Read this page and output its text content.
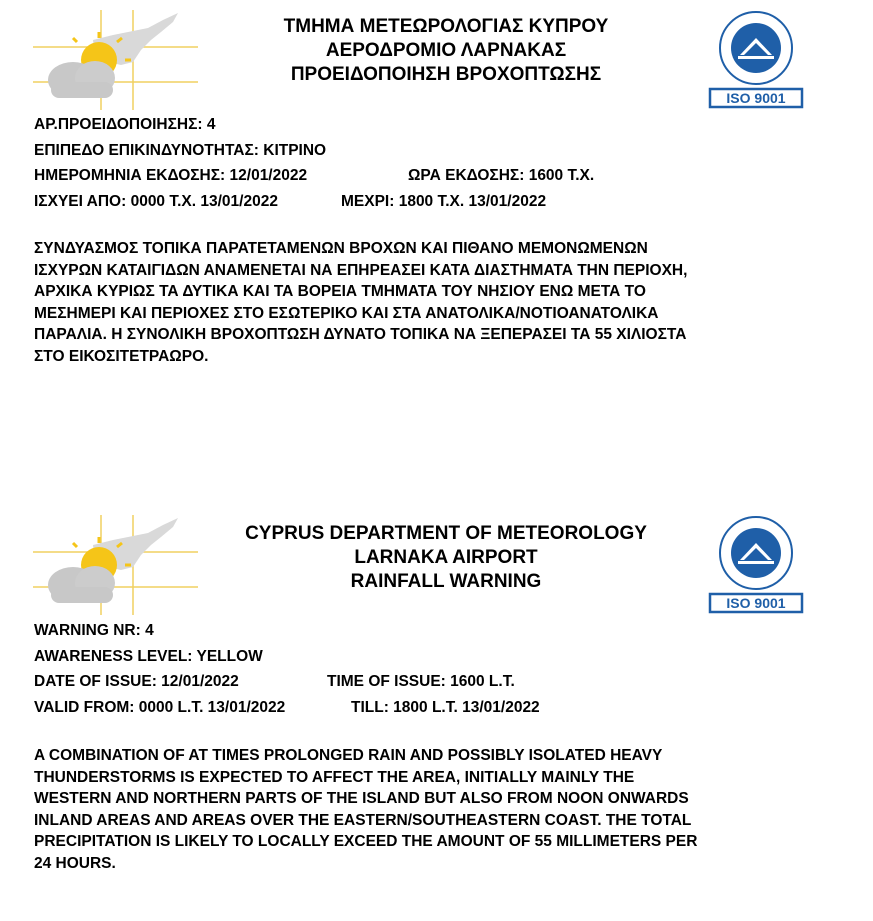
ΤΜΗΜΑ ΜΕΤΕΩΡΟΛΟΓΙΑΣ ΚΥΠΡΟΥ
ΑΕΡΟΔΡΟΜΙΟ ΛΑΡΝΑΚΑΣ
ΠΡΟΕΙΔΟΠΟΙΗΣΗ ΒΡΟΧΟΠΤΩΣΗΣ
ISO 9001
ΑΡ.ΠΡΟΕΙΔΟΠΟΙΗΣΗΣ: 4
ΕΠΙΠΕΔΟ ΕΠΙΚΙΝΔΥΝΟΤΗΤΑΣ: ΚΙΤΡΙΝΟ
ΗΜΕΡΟΜΗΝΙΑ ΕΚΔΟΣΗΣ: 12/01/2022	ΩΡΑ ΕΚΔΟΣΗΣ: 1600 Τ.Χ.
ΙΣΧΥΕΙ ΑΠΟ: 0000 Τ.Χ. 13/01/2022	ΜΕΧΡΙ: 1800 Τ.Χ. 13/01/2022
ΣΥΝΔΥΑΣΜΟΣ ΤΟΠΙΚΑ ΠΑΡΑΤΕΤΑΜΕΝΩΝ ΒΡΟΧΩΝ ΚΑΙ ΠΙΘΑΝΟ ΜΕΜΟΝΩΜΕΝΩΝ
ΙΣΧΥΡΩΝ ΚΑΤΑΙΓΙΔΩΝ ΑΝΑΜΕΝΕΤΑΙ ΝΑ ΕΠΗΡΕΑΣΕΙ ΚΑΤΑ ΔΙΑΣΤΗΜΑΤΑ ΤΗΝ ΠΕΡΙΟΧΗ,
ΑΡΧΙΚΑ ΚΥΡΙΩΣ ΤΑ ΔΥΤΙΚΑ ΚΑΙ ΤΑ ΒΟΡΕΙΑ ΤΜΗΜΑΤΑ ΤΟΥ ΝΗΣΙΟΥ ΕΝΩ ΜΕΤΑ ΤΟ
ΜΕΣΗΜΕΡΙ ΚΑΙ ΠΕΡΙΟΧΕΣ ΣΤΟ ΕΣΩΤΕΡΙΚΟ ΚΑΙ ΣΤΑ ΑΝΑΤΟΛΙΚΑ/ΝΟΤΙΟΑΝΑΤΟΛΙΚΑ
ΠΑΡΑΛΙΑ. Η ΣΥΝΟΛΙΚΗ ΒΡΟΧΟΠΤΩΣΗ ΔΥΝΑΤΟ ΤΟΠΙΚΑ ΝΑ ΞΕΠΕΡΑΣΕΙ ΤΑ 55 ΧΙΛΙΟΣΤΑ
ΣΤΟ ΕΙΚΟΣΙΤΕΤΡΑΩΡΟ.
CYPRUS DEPARTMENT OF METEOROLOGY
LARNAKA AIRPORT
RAINFALL WARNING
ISO 9001
WARNING NR: 4
AWARENESS LEVEL: YELLOW
DATE OF ISSUE: 12/01/2022	TIME OF ISSUE: 1600 L.T.
VALID FROM: 0000 L.T. 13/01/2022	TILL: 1800 L.T. 13/01/2022
A COMBINATION OF AT TIMES PROLONGED RAIN AND POSSIBLY ISOLATED HEAVY
THUNDERSTORMS IS EXPECTED TO AFFECT THE AREA, INITIALLY MAINLY THE
WESTERN AND NORTHERN PARTS OF THE ISLAND BUT ALSO FROM NOON ONWARDS
INLAND AREAS AND AREAS OVER THE EASTERN/SOUTHEASTERN COAST. THE TOTAL
PRECIPITATION IS LIKELY TO LOCALLY EXCEED THE AMOUNT OF 55 MILLIMETERS PER
24 HOURS.
